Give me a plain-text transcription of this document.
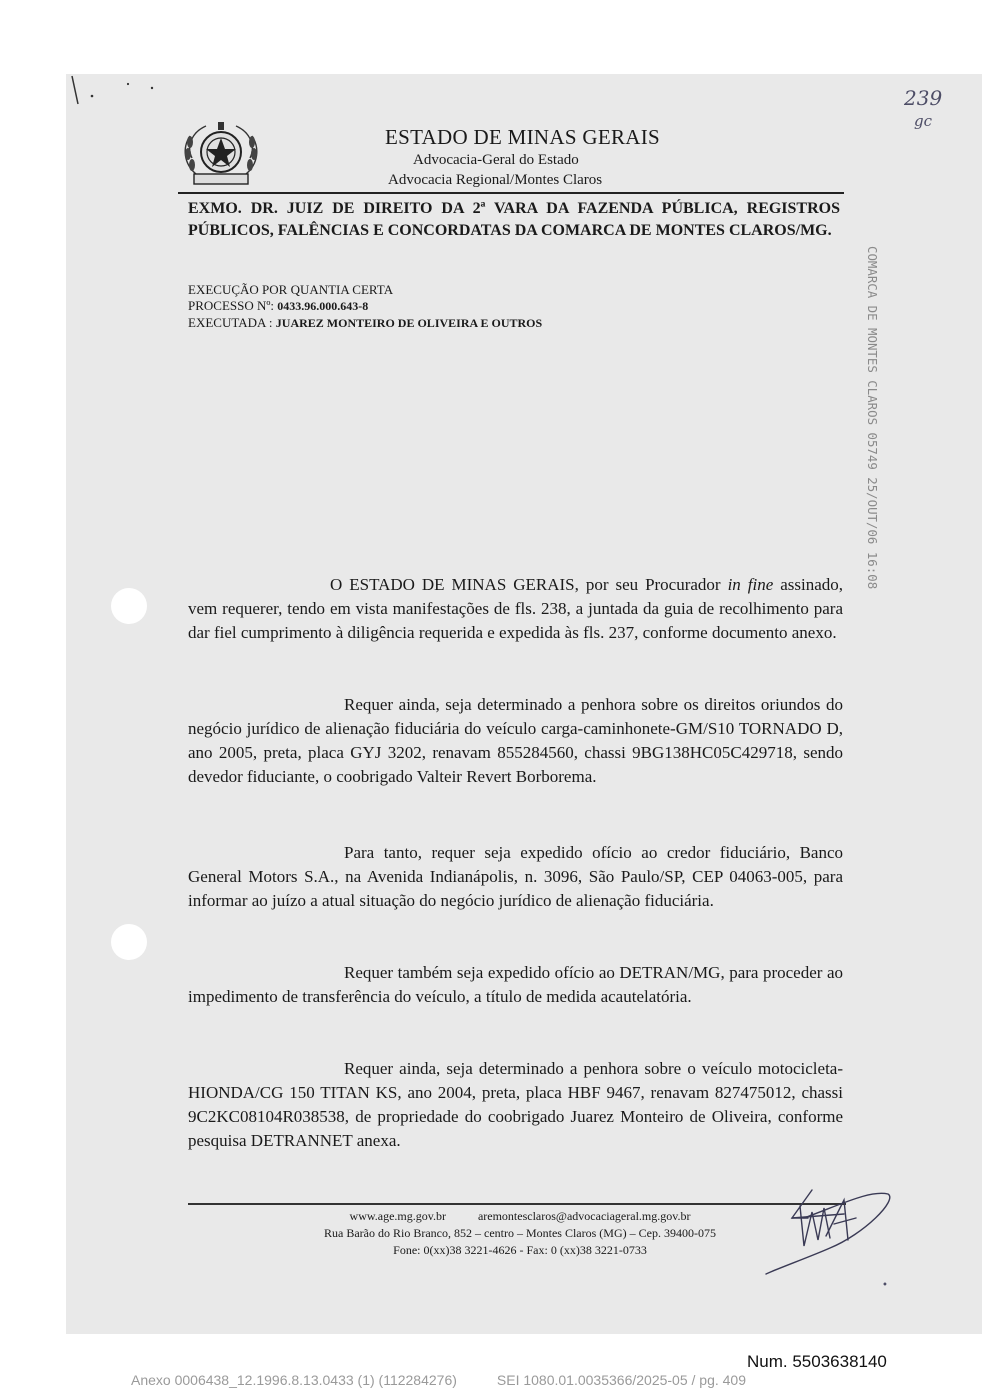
239
gc
ESTADO DE MINAS GERAIS
Advocacia-Geral do Estado
Advocacia Regional/Montes Claros

EXMO. DR. JUIZ DE DIREITO DA 2ª VARA DA FAZENDA PÚBLICA, REGISTROS PÚBLICOS, FALÊNCIAS E CONCORDATAS DA COMARCA DE MONTES CLAROS/MG.

EXECUÇÃO POR QUANTIA CERTA
PROCESSO Nº: 0433.96.000.643-8
EXECUTADA : JUAREZ MONTEIRO DE OLIVEIRA E OUTROS	COMARCA DE MONTES CLAROS 05749 25/OUT/06 16:08

O ESTADO DE MINAS GERAIS, por seu Procurador in fine assinado, vem requerer, tendo em vista manifestações de fls. 238, a juntada da guia de recolhimento para dar fiel cumprimento à diligência requerida e expedida às fls. 237, conforme documento anexo.

Requer ainda, seja determinado a penhora sobre os direitos oriundos do negócio jurídico de alienação fiduciária do veículo carga-caminhonete-GM/S10 TORNADO D, ano 2005, preta, placa GYJ 3202, renavam 855284560, chassi 9BG138HC05C429718, sendo devedor fiduciante, o coobrigado Valteir Revert Borborema.

Para tanto, requer seja expedido ofício ao credor fiduciário, Banco General Motors S.A., na Avenida Indianápolis, n. 3096, São Paulo/SP, CEP 04063-005, para informar ao juízo a atual situação do negócio jurídico de alienação fiduciária.

Requer também seja expedido ofício ao DETRAN/MG, para proceder ao impedimento de transferência do veículo, a título de medida acautelatória.

Requer ainda, seja determinado a penhora sobre o veículo motocicleta-HIONDA/CG 150 TITAN KS, ano 2004, preta, placa HBF 9467, renavam 827475012, chassi 9C2KC08104R038538, de propriedade do coobrigado Juarez Monteiro de Oliveira, conforme pesquisa DETRANNET anexa.

www.age.mg.gov.br	aremontesclaros@advocaciageral.mg.gov.br
Rua Barão do Rio Branco, 852 – centro – Montes Claros (MG) – Cep. 39400-075
Fone: 0(xx)38 3221-4626 - Fax: 0 (xx)38 3221-0733
•
Num. 5503638140
Anexo 0006438_12.1996.8.13.0433 (1) (112284276)	SEI 1080.01.0035366/2025-05 / pg. 409
